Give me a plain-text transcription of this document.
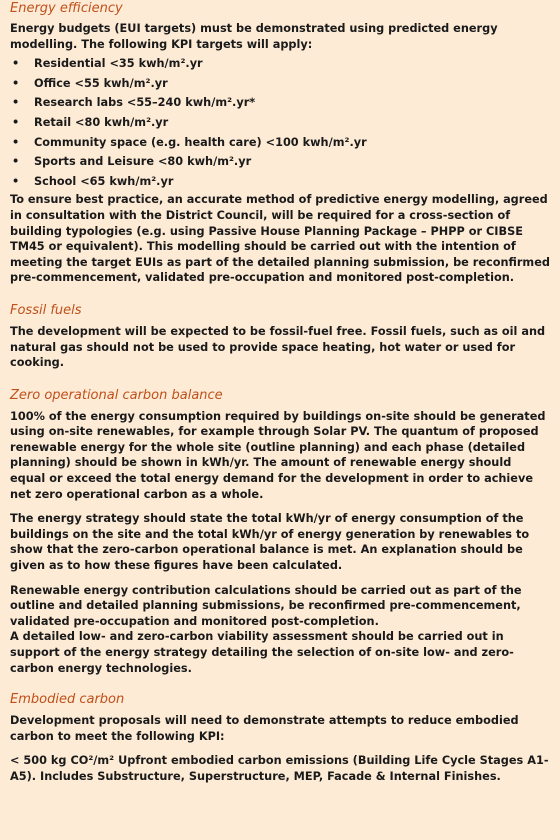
Energy efficiency

Energy budgets (EUI targets) must be demonstrated using predicted energy modelling. The following KPI targets will apply:

• Residential <35 kwh/m².yr
• Office <55 kwh/m².yr
• Research labs <55–240 kwh/m².yr*
• Retail <80 kwh/m².yr
• Community space (e.g. health care) <100 kwh/m².yr
• Sports and Leisure <80 kwh/m².yr
• School <65 kwh/m².yr

To ensure best practice, an accurate method of predictive energy modelling, agreed in consultation with the District Council, will be required for a cross-section of building typologies (e.g. using Passive House Planning Package – PHPP or CIBSE TM45 or equivalent). This modelling should be carried out with the intention of meeting the target EUIs as part of the detailed planning submission, be reconfirmed pre-commencement, validated pre-occupation and monitored post-completion.

Fossil fuels

The development will be expected to be fossil-fuel free. Fossil fuels, such as oil and natural gas should not be used to provide space heating, hot water or used for cooking.

Zero operational carbon balance

100% of the energy consumption required by buildings on-site should be generated using on-site renewables, for example through Solar PV. The quantum of proposed renewable energy for the whole site (outline planning) and each phase (detailed planning) should be shown in kWh/yr. The amount of renewable energy should equal or exceed the total energy demand for the development in order to achieve net zero operational carbon as a whole.

The energy strategy should state the total kWh/yr of energy consumption of the buildings on the site and the total kWh/yr of energy generation by renewables to show that the zero-carbon operational balance is met. An explanation should be given as to how these figures have been calculated.

Renewable energy contribution calculations should be carried out as part of the outline and detailed planning submissions, be reconfirmed pre-commencement, validated pre-occupation and monitored post-completion.

A detailed low- and zero-carbon viability assessment should be carried out in support of the energy strategy detailing the selection of on-site low- and zero-carbon energy technologies.

Embodied carbon

Development proposals will need to demonstrate attempts to reduce embodied carbon to meet the following KPI:

< 500 kg CO²/m² Upfront embodied carbon emissions (Building Life Cycle Stages A1-A5). Includes Substructure, Superstructure, MEP, Facade & Internal Finishes.
